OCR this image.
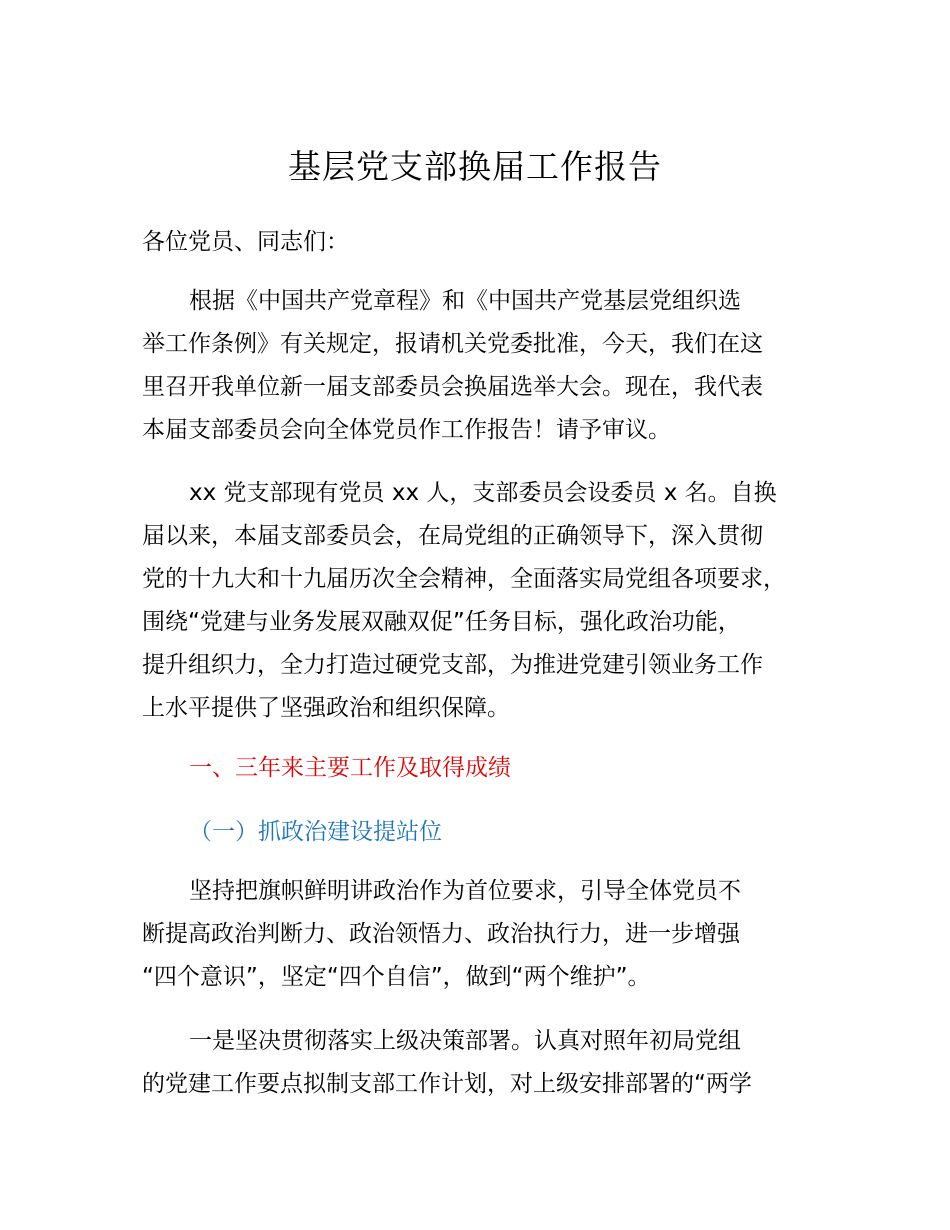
基层党支部换届工作报告
各位党员、同志们：
根据《中国共产党章程》和《中国共产党基层党组织选
举工作条例》有关规定，报请机关党委批准，今天，我们在这
里召开我单位新一届支部委员会换届选举大会。现在，我代表
本届支部委员会向全体党员作工作报告！请予审议。
xx 党支部现有党员 xx 人，支部委员会设委员 x 名。自换
届以来，本届支部委员会，在局党组的正确领导下，深入贯彻
党的十九大和十九届历次全会精神，全面落实局党组各项要求，
围绕“党建与业务发展双融双促”任务目标，强化政治功能，
提升组织力，全力打造过硬党支部，为推进党建引领业务工作
上水平提供了坚强政治和组织保障。
一、三年来主要工作及取得成绩
（一）抓政治建设提站位
坚持把旗帜鲜明讲政治作为首位要求，引导全体党员不
断提高政治判断力、政治领悟力、政治执行力，进一步增强
“四个意识”，坚定“四个自信”，做到“两个维护”。
一是坚决贯彻落实上级决策部署。认真对照年初局党组
的党建工作要点拟制支部工作计划，对上级安排部署的“两学
